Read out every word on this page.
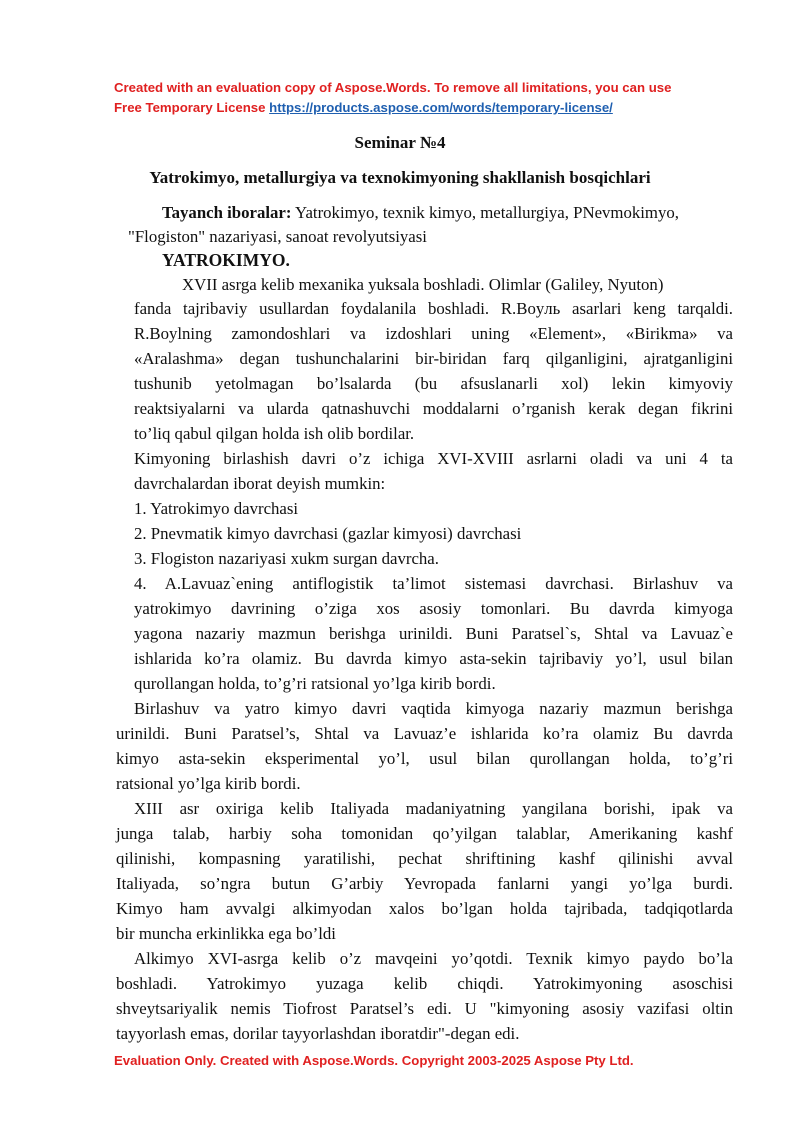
Created with an evaluation copy of Aspose.Words. To remove all limitations, you can use
Free Temporary License https://products.aspose.com/words/temporary-license/
Seminar №4
Yatrokimyo, metallurgiya va texnokimyoning shakllanish bosqichlari
Tayanch iboralar: Yatrokimyo, texnik kimyo, metallurgiya, PNevmokimyo,
"Flogiston" nazariyasi, sanoat revolyutsiyasi
YATROKIMYO.
XVII asrga kelib mexanika yuksala boshladi. Olimlar (Galiley, Nyuton)
fanda tajribaviy usullardan foydalanila boshladi. R.Boyль asarlari keng tarqaldi.
R.Boylning zamondoshlari va izdoshlari uning «Element», «Birikma» va
«Aralashma» degan tushunchalarini bir-biridan farq qilganligini, ajratganligini
tushunib yetolmagan bo’lsalarda (bu afsuslanarli xol) lekin kimyoviy
reaktsiyalarni va ularda qatnashuvchi moddalarni o’rganish kerak degan fikrini
to’liq qabul qilgan holda ish olib bordilar.
Kimyoning birlashish davri o’z ichiga XVI-XVIII asrlarni oladi va uni 4 ta
davrchalardan iborat deyish mumkin:
1. Yatrokimyo davrchasi
2. Pnevmatik kimyo davrchasi (gazlar kimyosi) davrchasi
3. Flogiston nazariyasi xukm surgan davrcha.
4. A.Lavuaz`ening antiflogistik ta’limot sistemasi davrchasi. Birlashuv va
yatrokimyo davrining o’ziga xos asosiy tomonlari. Bu davrda kimyoga
yagona nazariy mazmun berishga urinildi. Buni Paratsel`s, Shtal va Lavuaz`e
ishlarida ko’ra olamiz. Bu davrda kimyo asta-sekin tajribaviy yo’l, usul bilan
qurollangan holda, to’g’ri ratsional yo’lga kirib bordi.
Birlashuv va yatro kimyo davri vaqtida kimyoga nazariy mazmun berishga
urinildi. Buni Paratsel’s, Shtal va Lavuaz’e ishlarida ko’ra olamiz Bu davrda
kimyo asta-sekin eksperimental yo’l, usul bilan qurollangan holda, to’g’ri
ratsional yo’lga kirib bordi.
XIII asr oxiriga kelib Italiyada madaniyatning yangilana borishi, ipak va
junga talab, harbiy soha tomonidan qo’yilgan talablar, Amerikaning kashf
qilinishi, kompasning yaratilishi, pechat shriftining kashf qilinishi avval
Italiyada, so’ngra butun G’arbiy Yevropada fanlarni yangi yo’lga burdi.
Kimyo ham avvalgi alkimyodan xalos bo’lgan holda tajribada, tadqiqotlarda
bir muncha erkinlikka ega bo’ldi
Alkimyo XVI-asrga kelib o’z mavqeini yo’qotdi. Texnik kimyo paydo bo’la
boshladi. Yatrokimyo yuzaga kelib chiqdi. Yatrokimyoning asoschisi
shveytsariyalik nemis Tiofrost Paratsel’s edi. U "kimyoning asosiy vazifasi oltin
tayyorlash emas, dorilar tayyorlashdan iboratdir"-degan edi.
Evaluation Only. Created with Aspose.Words. Copyright 2003-2025 Aspose Pty Ltd.
